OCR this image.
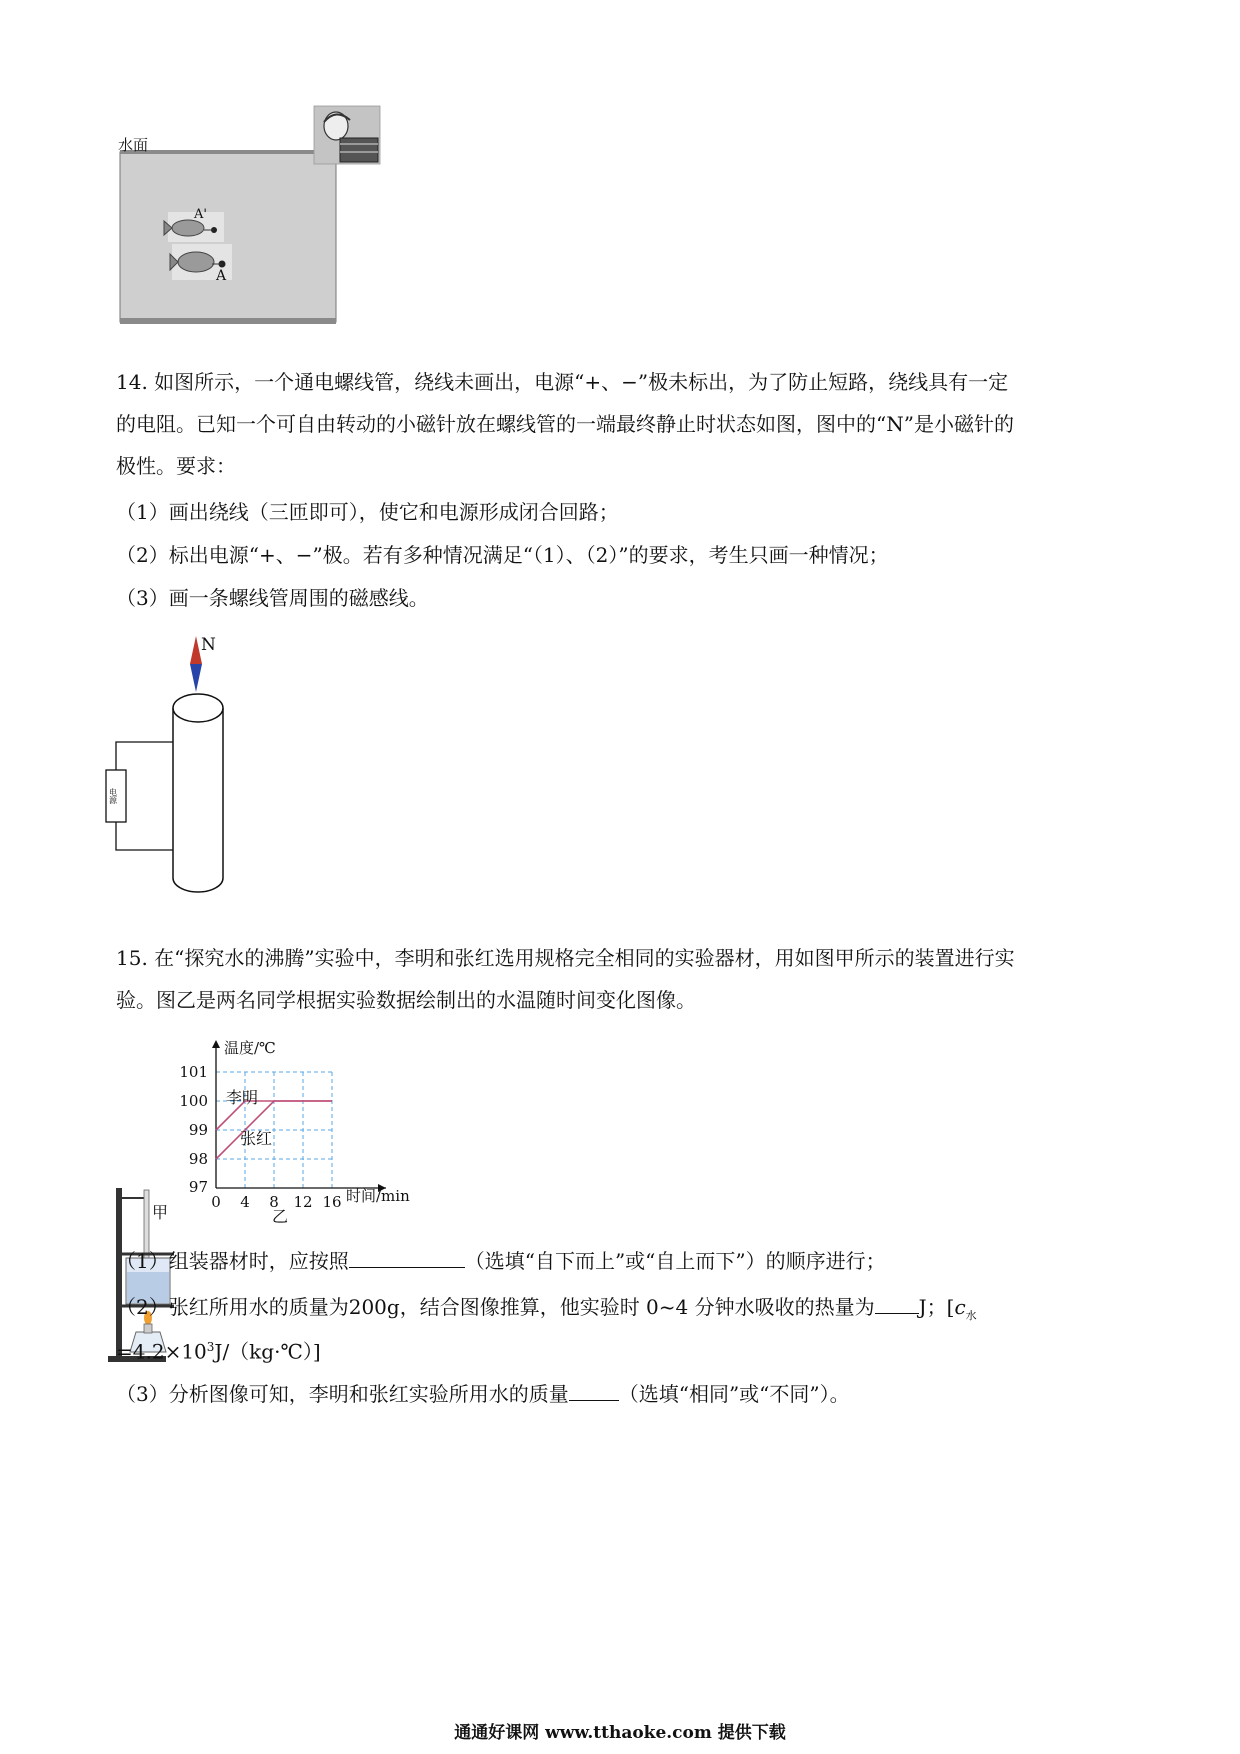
水面
A'
A
14. 如图所示，一个通电螺线管，绕线未画出，电源“+、−”极未标出，为了防止短路，绕线具有一定
的电阻。已知一个可自由转动的小磁针放在螺线管的一端最终静止时状态如图，图中的“N”是小磁针的
极性。要求：
（1）画出绕线（三匝即可），使它和电源形成闭合回路；
（2）标出电源“+、−”极。若有多种情况满足“（1）、（2）”的要求，考生只画一种情况；
（3）画一条螺线管周围的磁感线。
N
电源
15. 在“探究水的沸腾”实验中，李明和张红选用规格完全相同的实验器材，用如图甲所示的装置进行实
验。图乙是两名同学根据实验数据绘制出的水温随时间变化图像。
0 4 8 12 16
97
98
99
100
101
温度/℃
时间/min
李明
张红
甲	乙
（1）组装器材时，应按照	（选填“自下而上”或“自上而下”）的顺序进行；
（2）张红所用水的质量为200g，结合图像推算，他实验时 0~4 分钟水吸收的热量为 J；[$c_水$
$=4.2\times 10^3J/(kg\cdot℃)$]
（3）分析图像可知，李明和张红实验所用水的质量	（选填“相同”或“不同”）。
通通好课网 www.tthaoke.com 提供下载
